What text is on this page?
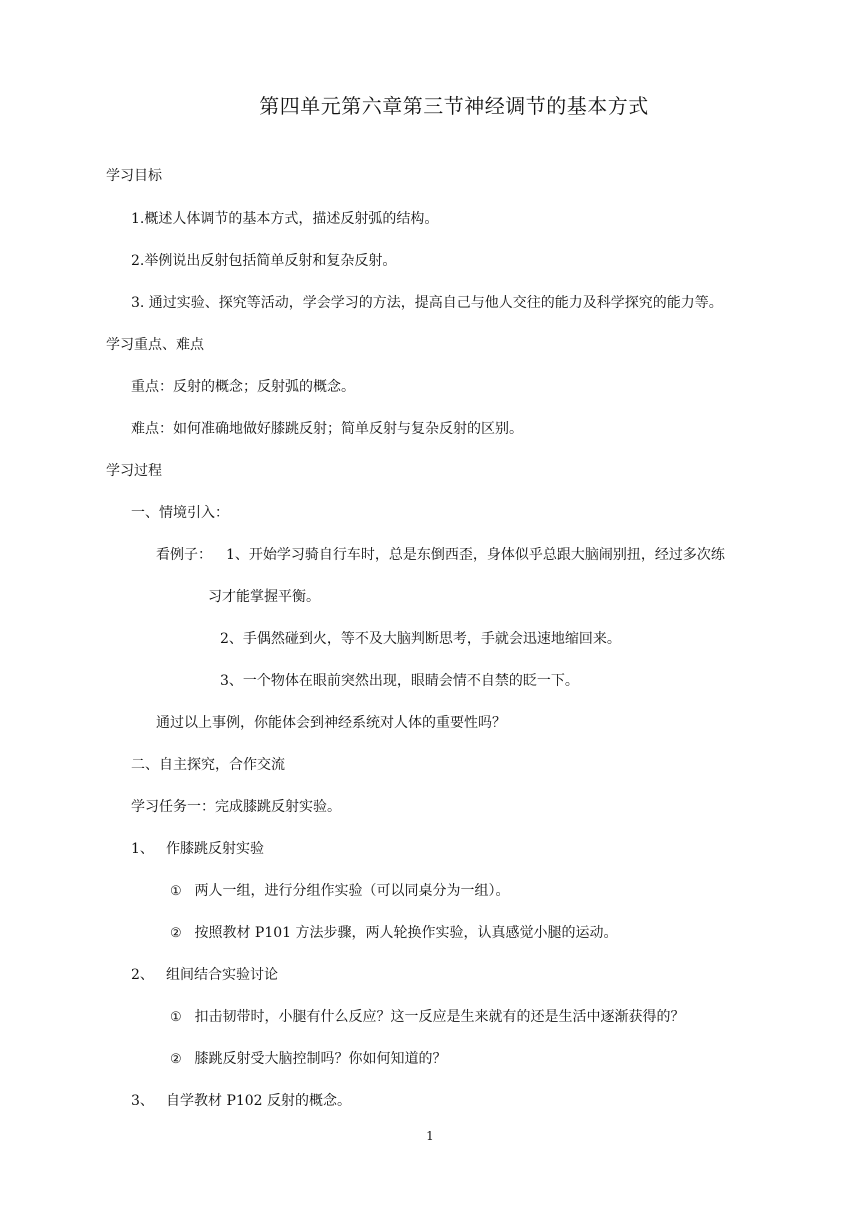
第四单元第六章第三节神经调节的基本方式
学习目标
1.概述人体调节的基本方式，描述反射弧的结构。
2.举例说出反射包括简单反射和复杂反射。
3. 通过实验、探究等活动，学会学习的方法，提高自己与他人交往的能力及科学探究的能力等。
学习重点、难点
重点：反射的概念；反射弧的概念。
难点：如何准确地做好膝跳反射；简单反射与复杂反射的区别。
学习过程
一、情境引入：
看例子： 1、开始学习骑自行车时，总是东倒西歪，身体似乎总跟大脑闹别扭，经过多次练
习才能掌握平衡。
2、手偶然碰到火，等不及大脑判断思考，手就会迅速地缩回来。
3、一个物体在眼前突然出现，眼睛会情不自禁的眨一下。
通过以上事例，你能体会到神经系统对人体的重要性吗？
二、自主探究，合作交流
学习任务一：完成膝跳反射实验。
1、 作膝跳反射实验
① 两人一组，进行分组作实验（可以同桌分为一组）。
② 按照教材 P101 方法步骤，两人轮换作实验，认真感觉小腿的运动。
2、 组间结合实验讨论
① 扣击韧带时，小腿有什么反应？这一反应是生来就有的还是生活中逐渐获得的？
② 膝跳反射受大脑控制吗？你如何知道的？
3、 自学教材 P102 反射的概念。
1
